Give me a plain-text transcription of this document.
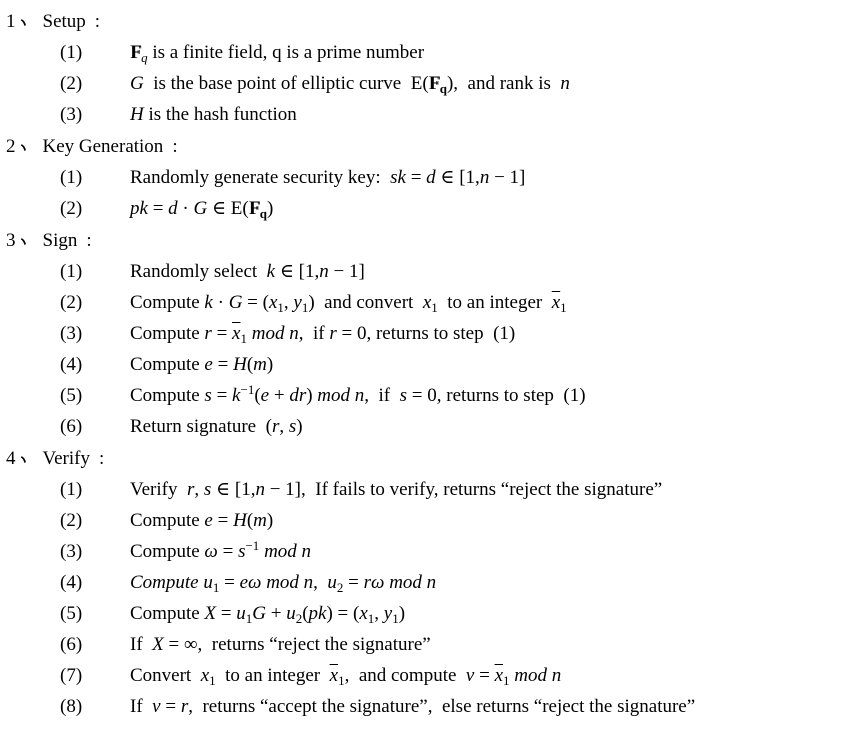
1 Setup :
(1)	$F_q$ is a finite field, q is a prime number
(2)	G  is the base point of elliptic curve  $E(F_q)$,  and rank is  n
(3)	H is the hash function
2 Key Generation :
(1)	Randomly generate security key:  sk = d ∈ [1,n − 1]
(2)	pk = d · G ∈ $E(F_q)$
3 Sign :
(1)	Randomly select  k ∈ [1,n − 1]
(2)	Compute $k \cdot G = (x_1$, $y_1$)  and convert  $x_1$  to an integer  $\overline{x}_1$
(3)	Compute $r = \overline{x}_1$ mod n,  if r = 0, returns to step  (1)
(4)	Compute e = H(m)
(5)	Compute $s = k^{-1}(e + dr)$ mod n,  if  s = 0, returns to step  (1)
(6)	Return signature  (r, s)
4 Verify :
(1)	Verify  r, s ∈ [1,n − 1],  If fails to verify, returns “reject the signature”
(2)	Compute e = H(m)
(3)	Compute $\omega = s^{-1}$ mod n
(4)	Compute $u_1 = e\omega$ mod n,  $u_2 = r\omega$ mod n
(5)	Compute $X = u_1G + u_2(pk) = (x_1$, $y_1$)
(6)	If  X = ∞,  returns “reject the signature”
(7)	Convert  $x_1$  to an integer  $\overline{x}_1$,  and compute  $v = \overline{x}_1$ mod n
(8)	If  v = r,  returns “accept the signature”,  else returns “reject the signature”
